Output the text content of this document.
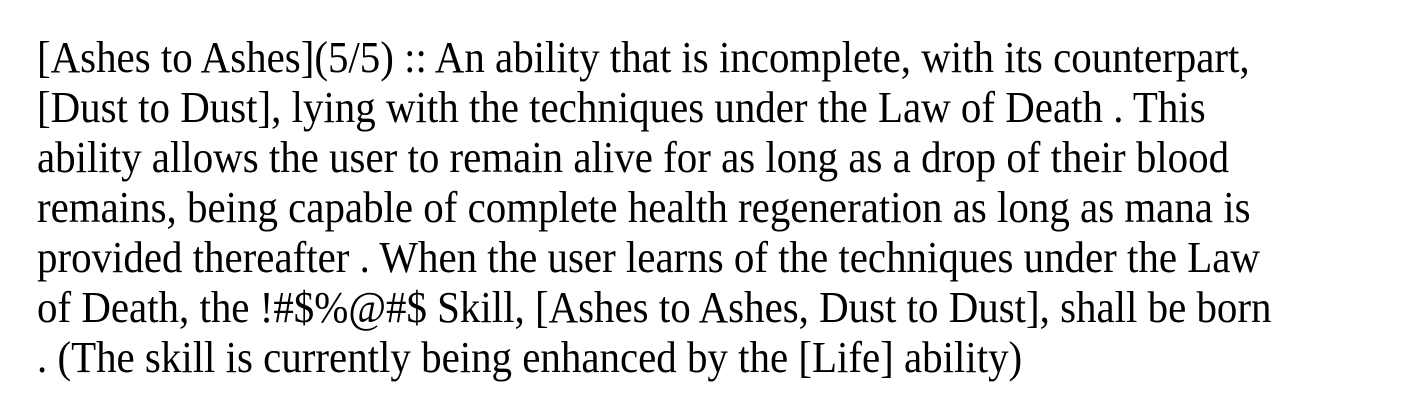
[Ashes to Ashes](5/5) :: An ability that is incomplete, with its counterpart,
[Dust to Dust], lying with the techniques under the Law of Death . This
ability allows the user to remain alive for as long as a drop of their blood
remains, being capable of complete health regeneration as long as mana is
provided thereafter . When the user learns of the techniques under the Law
of Death, the !#$%@#$ Skill, [Ashes to Ashes, Dust to Dust], shall be born
. (The skill is currently being enhanced by the [Life] ability)
